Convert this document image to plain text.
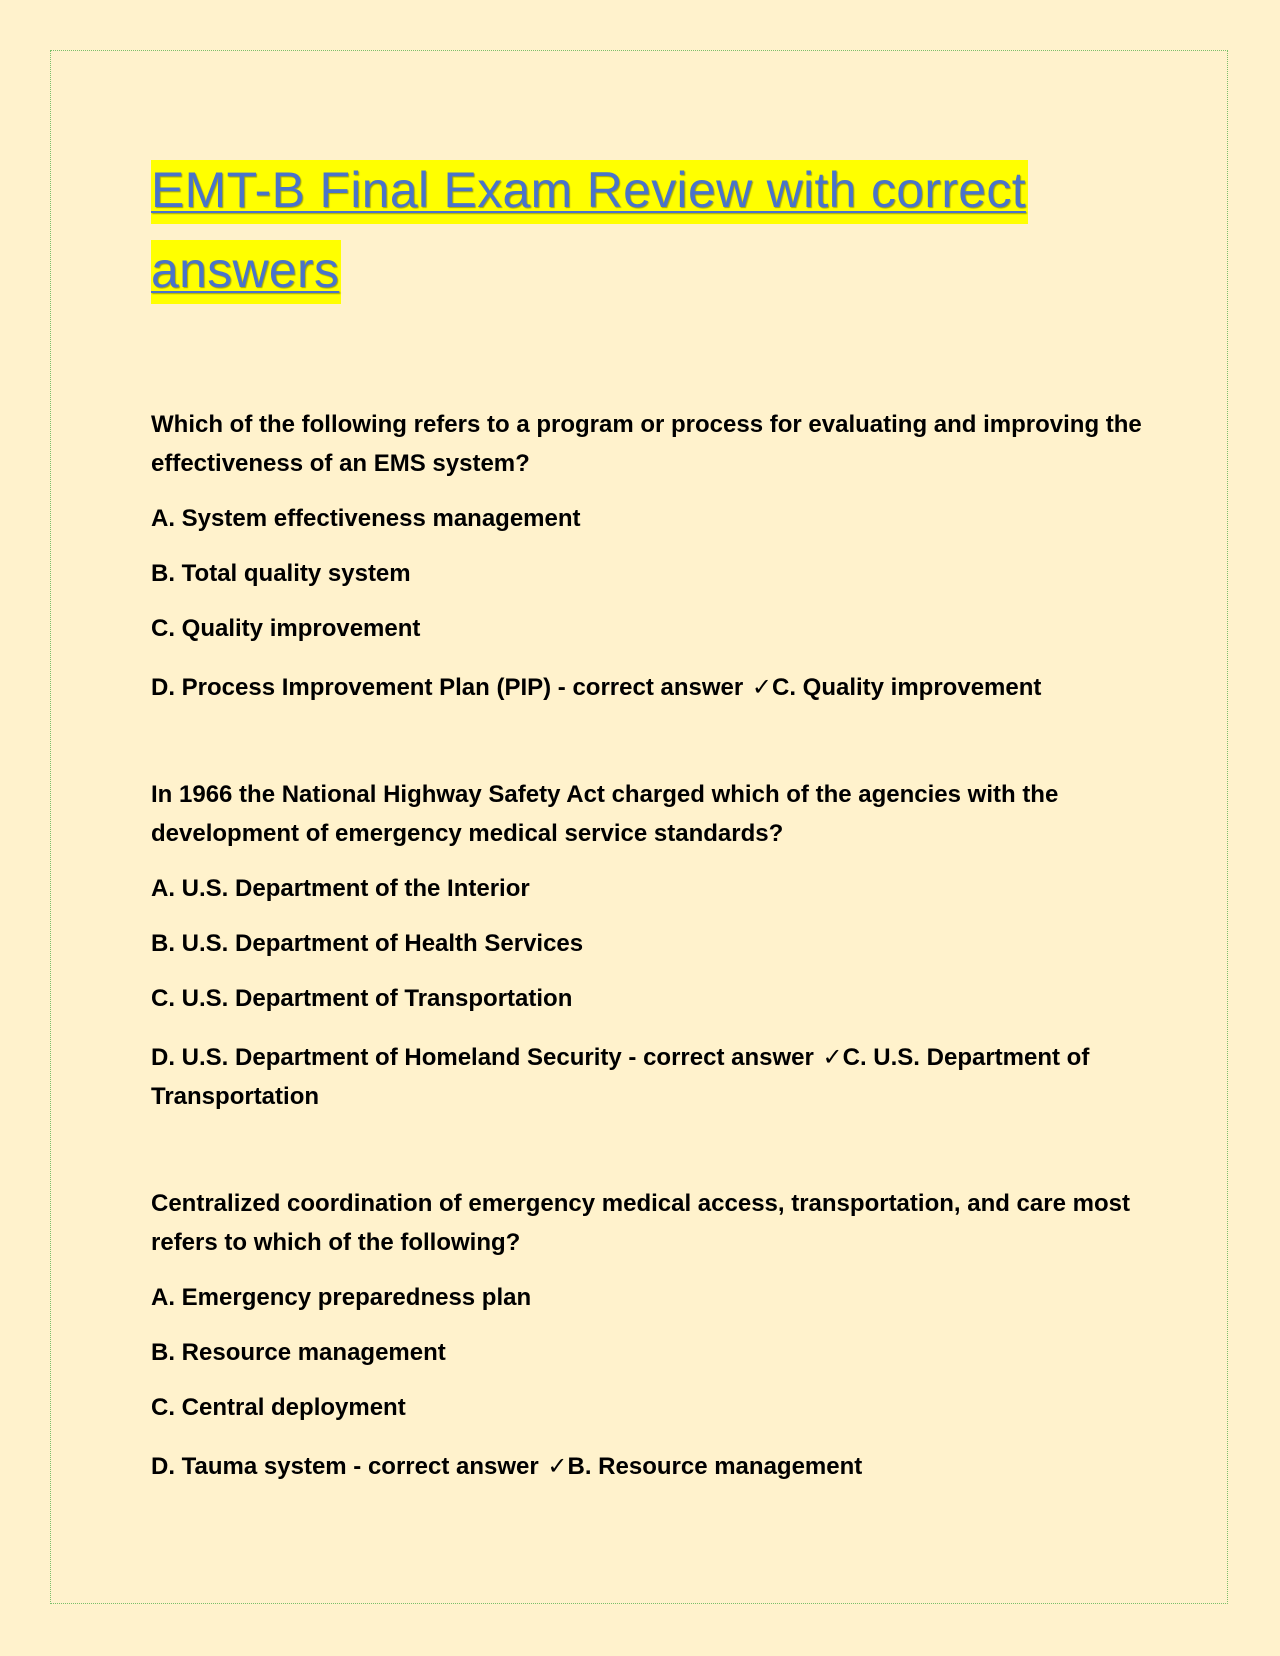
EMT-B Final Exam Review with correct answers

Which of the following refers to a program or process for evaluating and improving the effectiveness of an EMS system?

A. System effectiveness management

B. Total quality system

C. Quality improvement

D. Process Improvement Plan (PIP) - correct answer ✓C. Quality improvement

In 1966 the National Highway Safety Act charged which of the agencies with the development of emergency medical service standards?

A. U.S. Department of the Interior

B. U.S. Department of Health Services

C. U.S. Department of Transportation

D. U.S. Department of Homeland Security - correct answer ✓C. U.S. Department of Transportation

Centralized coordination of emergency medical access, transportation, and care most refers to which of the following?

A. Emergency preparedness plan

B. Resource management

C. Central deployment

D. Tauma system - correct answer ✓B. Resource management
